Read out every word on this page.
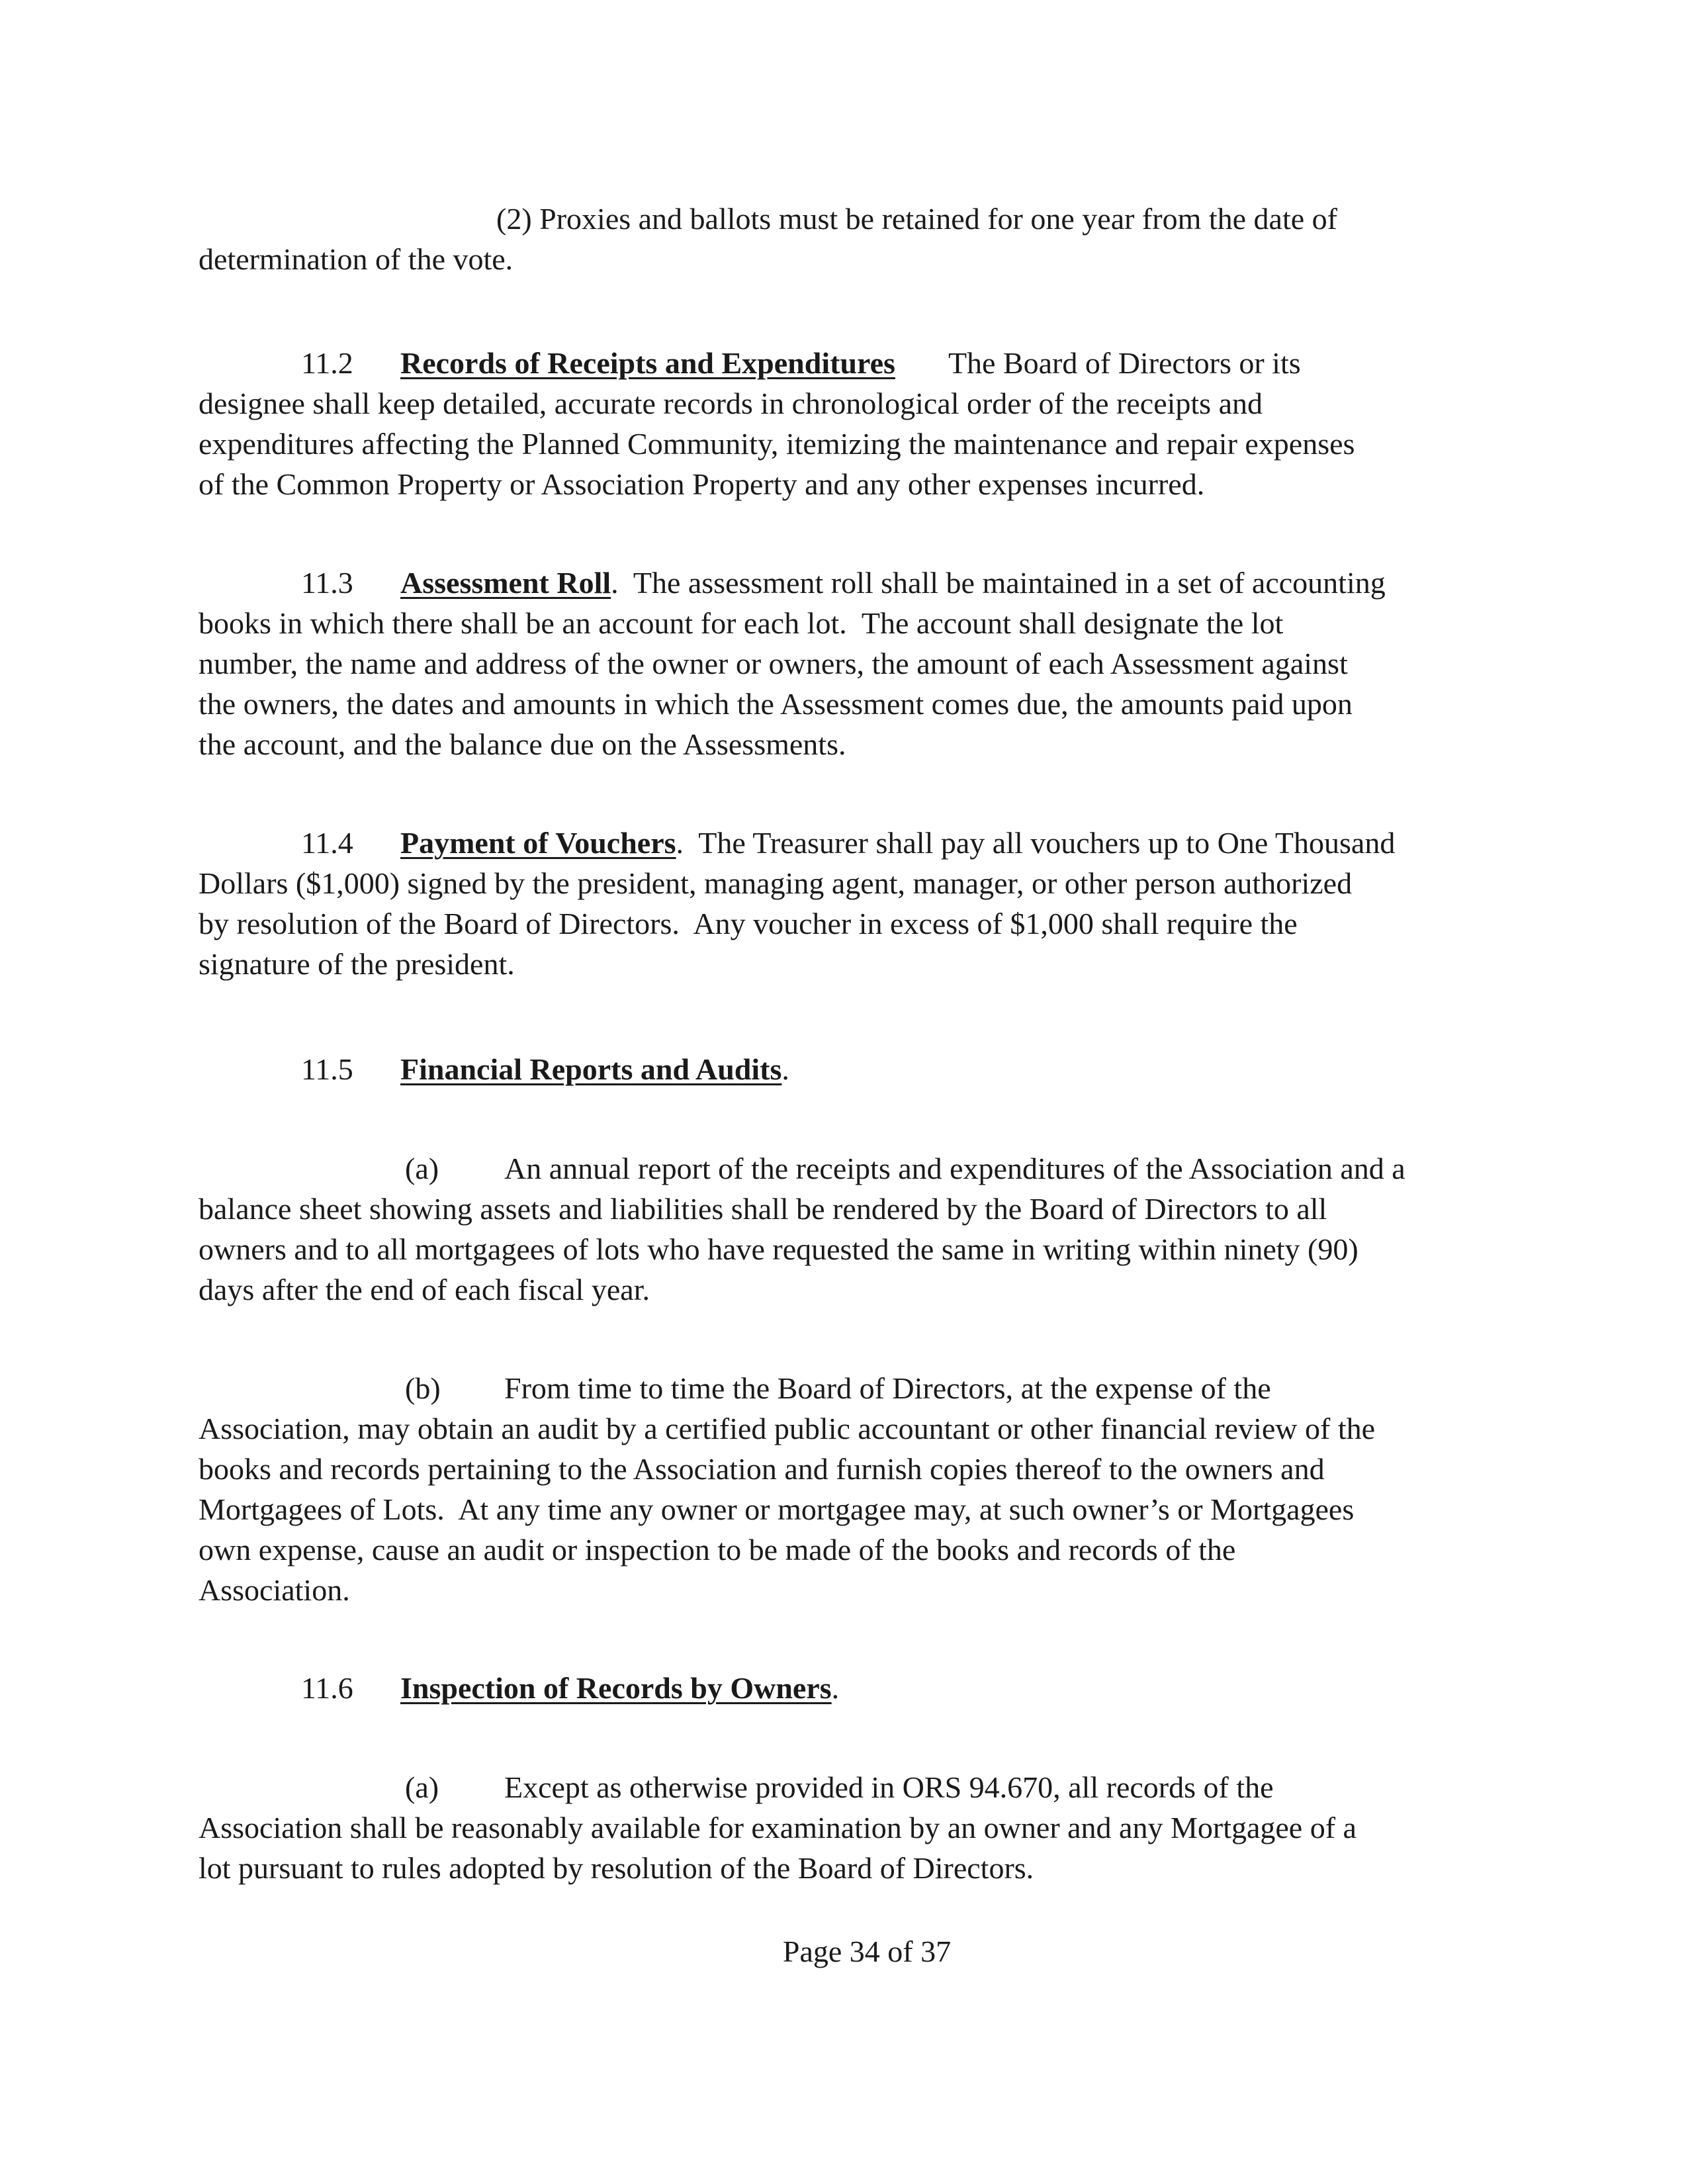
(2) Proxies and ballots must be retained for one year from the date of
determination of the vote.

11.2 Records of Receipts and Expenditures The Board of Directors or its
designee shall keep detailed, accurate records in chronological order of the receipts and
expenditures affecting the Planned Community, itemizing the maintenance and repair expenses
of the Common Property or Association Property and any other expenses incurred.

11.3 Assessment Roll.  The assessment roll shall be maintained in a set of accounting
books in which there shall be an account for each lot.  The account shall designate the lot
number, the name and address of the owner or owners, the amount of each Assessment against
the owners, the dates and amounts in which the Assessment comes due, the amounts paid upon
the account, and the balance due on the Assessments.

11.4 Payment of Vouchers.  The Treasurer shall pay all vouchers up to One Thousand
Dollars ($1,000) signed by the president, managing agent, manager, or other person authorized
by resolution of the Board of Directors.  Any voucher in excess of $1,000 shall require the
signature of the president.

11.5 Financial Reports and Audits.

(a) An annual report of the receipts and expenditures of the Association and a
balance sheet showing assets and liabilities shall be rendered by the Board of Directors to all
owners and to all mortgagees of lots who have requested the same in writing within ninety (90)
days after the end of each fiscal year.

(b) From time to time the Board of Directors, at the expense of the
Association, may obtain an audit by a certified public accountant or other financial review of the
books and records pertaining to the Association and furnish copies thereof to the owners and
Mortgagees of Lots.  At any time any owner or mortgagee may, at such owner’s or Mortgagees
own expense, cause an audit or inspection to be made of the books and records of the
Association.

11.6 Inspection of Records by Owners.

(a) Except as otherwise provided in ORS 94.670, all records of the
Association shall be reasonably available for examination by an owner and any Mortgagee of a
lot pursuant to rules adopted by resolution of the Board of Directors.

Page 34 of 37
